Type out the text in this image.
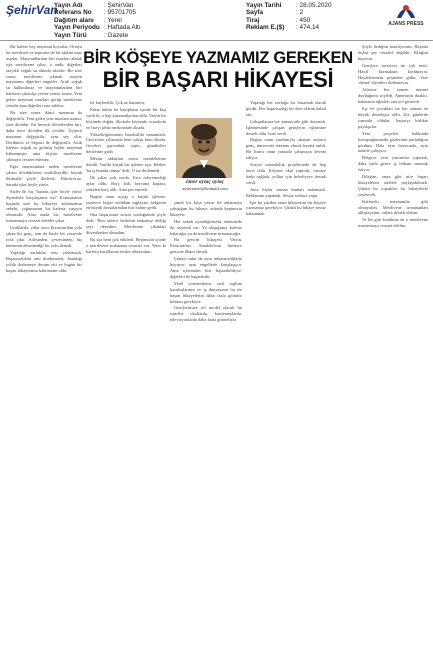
ŞehirVan
Yayın Adı	: ŞehirVan
Referans No : 95701705
Dağıtım alanı : Yerel
Yayın Periyodu : Haftada Altı
Yayın Türü	: Gazete
Yayın Tarihi : 28.05.2020
Sayfa	: 2
Tiraj	: 450
Reklam E.($) : 474,14
AJANS PRESS
BİR KÖŞEYE YAZMAMIZ GEREKEN
BİR BAŞARI HİKAYESİ

Bir kafese beş maymun koyarlar. Ortaya bir merdiven ve tepesine de bir salkım muz asarlar. Maymunlardan biri muzları almak için merdivene çıkar, o anda, diğerleri tazyikli soğuk su altında ıslatılır. Bir süre sonra, merdivene çıkmak isteyen maymunu diğerleri engeller. Artık soğuk su kullanılmaz ve maymunlardan biri kafesten çıkarılıp yerine yenisi konur. Yeni gelen maymun muzları görüp merdivene yönelir ama diğerleri ona saldırır.

Bir süre sonra ikinci maymun da değiştirilir. Yeni gelen yine muzlara uzanır, yine dövülür. En hevesli dövenlerden biri, daha önce dövülen ilk yenidir. Üçüncü maymun değiştirilir, aynı şey olur. Dördüncü ve beşinci de değiştirilir. Artık kafeste soğuk su görmüş hiçbir maymun kalmamıştır ama hiçbiri merdivene çıkmaya cesaret edemez.

Eğer maymunlara neden merdivene çıkanı dövdüklerini sorabilseydik, büyük ihtimalle şöyle derlerdi: Bilmiyoruz, burada işler böyle yürür.

Sizler de hiç 'burada işler böyle yürür' diyenlerle karşılaştınız mı? Konuşmanın başında size bu hikayeyi anlatmamın sebebi, çoğumuzun bu kafeste yaşıyor olmasıdır. Ama arada bir, merdivene tırmanmaya cesaret edenler çıkar.

Uzaklarda, yıllar önce Erzurum'dan yola çıkan bir genç, tam da böyle bir cesaretle yola çıktı. Ailesinden, çevresinden, hiç kimsenin denemediği bir yolu denedi.

Yaşadığı zorluklar onu yıldırmadı. Başarısızlıklar onu durdurmadı. İnandığı yolda ilerlemeye devam etti ve bugün bir başarı hikayesinin kahramanı oldu.

ler kaybedilir. Çok az kazanılır.

Fakat bütün bu kayıpların içinde bir kişi vardı ki, o hep kazananlardan oldu. Van'ın bir köyünde doğdu, ilkokulu köyünde, ortaokulu ve liseyi şehir merkezinde okudu.

Yükseköğrenimini İstanbul'da tamamladı. Üniversite yıllarında hem çalıştı hem okudu. Geceleri garsonluk yaptı, gündüzleri derslerine girdi.

Mezun olduktan sonra memleketine döndü. Van'da küçük bir işletme açtı. Herkes 'bu iş burada olmaz' dedi. O ise dinlemedi.

İlk yıllar çok zordu. Kira ödeyemediği aylar oldu. Borç aldı, borcunu kapattı, yeniden borç aldı. Ama pes etmedi.

Bugün onun açtığı o küçük işletme, yüzlerce kişiye istihdam sağlayan, bölgenin en büyük firmalarından biri haline geldi.

Ona başarısının sırrını sorduğumda şöyle dedi: 'Ben sadece herkesin imkansız dediği şeyi denedim. Merdivene çıkanları dövenlerden olmadım.'

Bu söz beni çok etkiledi. Hepimizin içinde o merdivene tırmanma cesareti var. Yeter ki kafesin kurallarına teslim olmayalım.

şimdi bir köşe yazısı ile anlatmaya çalıştığım bu hikaye, aslında hepimizin hikayesi.

Her sabah uyandığımızda önümüzde iki seçenek var: Ya alıştığımız kafeste kalacağız ya da merdivene tırmanacağız.

Bu gencin hikayesi Van'ın, Erzurum'un, Anadolu'nun binlerce gencine ilham olmalı.

Çünkü onlar da aynı imkansızlıklarla büyüyor, aynı engellerle karşılaşıyor. Ama içlerinden biri başarabildiyse, diğerleri de başarabilir.

Yerel yönetimlerin, sivil toplum kuruluşlarının ve iş dünyasının bu tür başarı hikayelerini daha fazla görünür kılması gerekiyor.

Gençlerimize rol model olacak bu isimleri okullarda, konferanslarda, televizyonlarda daha fazla görmeliyiz.

Yaşadığı her zorluğu bir basamak olarak gördü. Her başarısızlığı bir ders olarak kabul etti.

Çalışanlarına her zaman aile gibi davrandı. İşletmesinde çalışan gençlerin eğitimine destek oldu, burs verdi.

Bugün onun yardımıyla okuyan onlarca genç, üniversite mezunu olarak hayata atıldı. Bir kısmı onun yanında çalışmaya devam ediyor.

Sosyal sorumluluk projelerinde de hep öncü oldu. Köyüne okul yaptırdı, camiye katkı sağladı, yolları için belediyeye destek verdi.

Ama hiçbir zaman bunları anlatmadı. Reklamını yapmadı. Sessiz sedasız yaptı.

İşte bu yüzden onun hikayesini bir köşeye yazmamız gerekiyor. Çünkü bu hikaye sessiz kalmamalı.

Şöyle dediğini hatırlıyorum: Hayatta hiçbir şey tesadüf değildir. Ektiğini biçersin.

Gençlere tavsiyesi ise çok netti: Hayal kurmaktan korkmayın. Hayallerinizin peşinden gidin. Size 'olmaz' diyenleri dinlemeyin.

Ailesine her zaman minnet duyduğunu söyledi. Annesinin duaları, babasının öğütleri ona yol gösterdi.

Eşi ve çocukları ise her zaman en büyük destekçisi oldu. Zor günlerde yanında oldular, başarıyı birlikte paylaştılar.

Yeni projeleri hakkında konuştuğumuzda gözlerinin parladığını gördüm. Hala aynı heyecanla, aynı azimle çalışıyor.

Bölgeye yeni yatırımlar yapmak, daha fazla gence iş imkanı sunmak istiyor.

Dileğim, onun gibi nice başarı hikayelerini sizlerle paylaşabilmek. Çünkü bu topraklar bu hikayelerle yeşerecek.

Kafesteki maymunlar gibi olmayalım. Merdivene tırmananları alkışlayalım, onlara destek olalım.

Ve bir gün kendimiz de o merdivene tırmanmaya cesaret edelim.

ömer aytaç aytaç
aytacomer@hotmail.com
